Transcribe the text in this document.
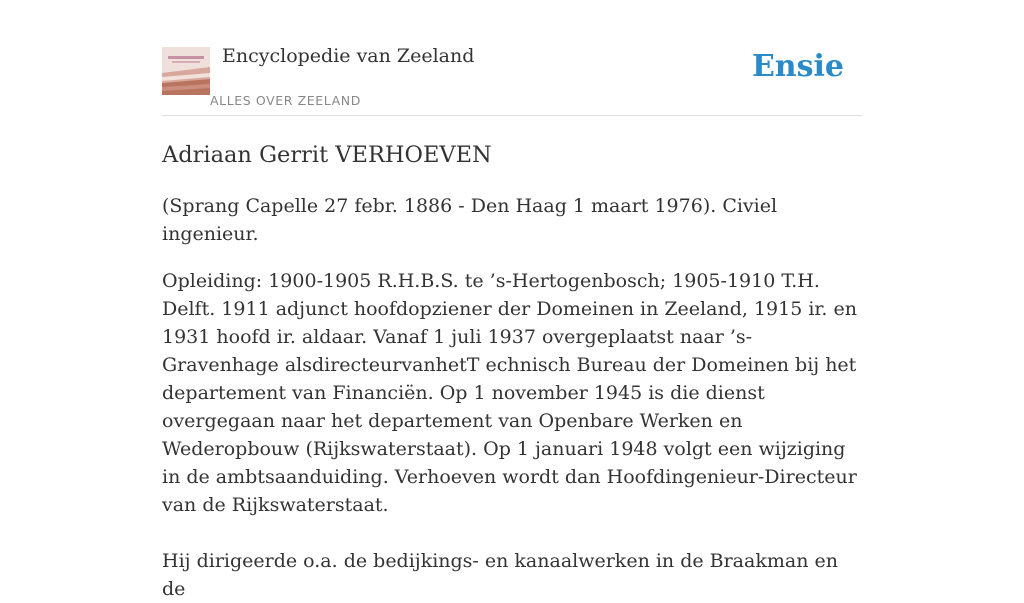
Encyclopedie van Zeeland
ALLES OVER ZEELAND
Ensie
Adriaan Gerrit VERHOEVEN

(Sprang Capelle 27 febr. 1886 - Den Haag 1 maart 1976). Civiel ingenieur.

Opleiding: 1900-1905 R.H.B.S. te ’s-Hertogenbosch; 1905-1910 T.H. Delft. 1911 adjunct hoofdopziener der Domeinen in Zeeland, 1915 ir. en 1931 hoofd ir. aldaar. Vanaf 1 juli 1937 overgeplaatst naar ’s-Gravenhage alsdirecteurvanhetT echnisch Bureau der Domeinen bij het departement van Financiën. Op 1 november 1945 is die dienst overgegaan naar het departement van Openbare Werken en Wederopbouw (Rijkswaterstaat). Op 1 januari 1948 volgt een wijziging in de ambtsaanduiding. Verhoeven wordt dan Hoofdingenieur-Directeur van de Rijkswaterstaat.

Hij dirigeerde o.a. de bedijkings- en kanaalwerken in de Braakman en de
